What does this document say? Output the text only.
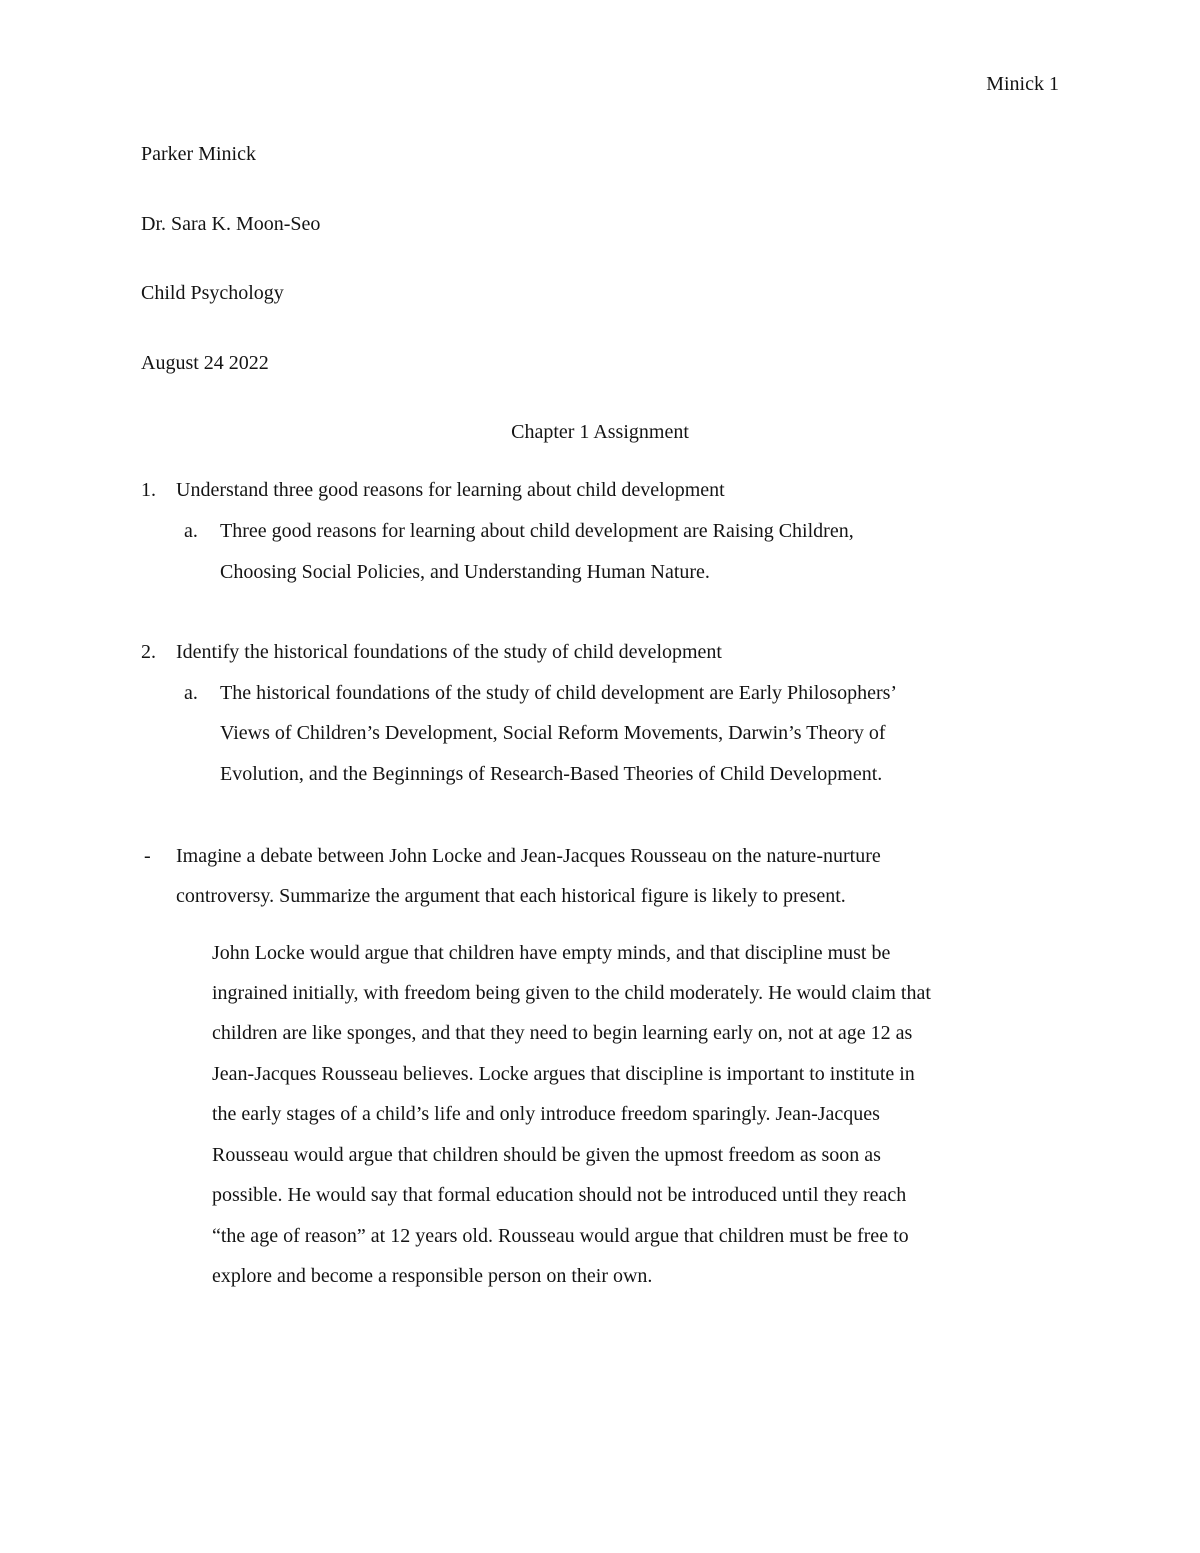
Minick 1
Parker Minick
Dr. Sara K. Moon-Seo
Child Psychology
August 24 2022
Chapter 1 Assignment
1. Understand three good reasons for learning about child development
a. Three good reasons for learning about child development are Raising Children,
Choosing Social Policies, and Understanding Human Nature.
2. Identify the historical foundations of the study of child development
a. The historical foundations of the study of child development are Early Philosophers’
Views of Children’s Development, Social Reform Movements, Darwin’s Theory of
Evolution, and the Beginnings of Research-Based Theories of Child Development.
- Imagine a debate between John Locke and Jean-Jacques Rousseau on the nature-nurture
controversy. Summarize the argument that each historical figure is likely to present.
John Locke would argue that children have empty minds, and that discipline must be
ingrained initially, with freedom being given to the child moderately. He would claim that
children are like sponges, and that they need to begin learning early on, not at age 12 as
Jean-Jacques Rousseau believes. Locke argues that discipline is important to institute in
the early stages of a child’s life and only introduce freedom sparingly. Jean-Jacques
Rousseau would argue that children should be given the upmost freedom as soon as
possible. He would say that formal education should not be introduced until they reach
“the age of reason” at 12 years old. Rousseau would argue that children must be free to
explore and become a responsible person on their own.
